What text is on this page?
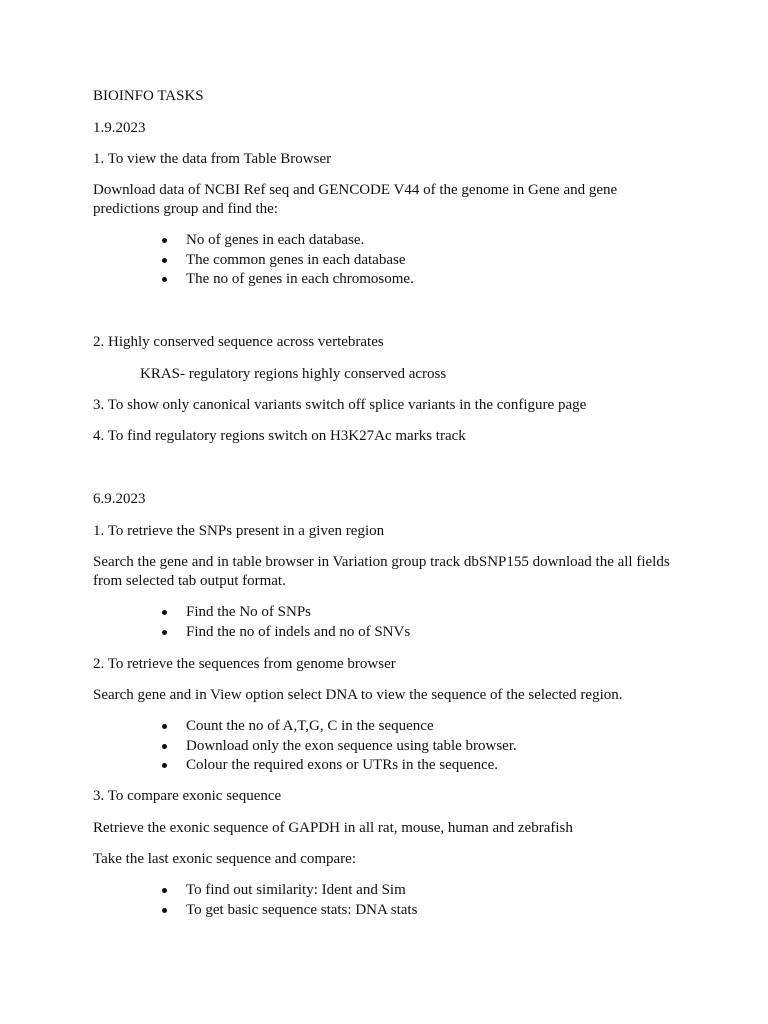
BIOINFO TASKS

1.9.2023

1. To view the data from Table Browser

Download data of NCBI Ref seq and GENCODE V44 of the genome in Gene and gene predictions group and find the:

No of genes in each database.
The common genes in each database
The no of genes in each chromosome.

2. Highly conserved sequence across vertebrates

KRAS- regulatory regions highly conserved across

3. To show only canonical variants switch off splice variants in the configure page

4. To find regulatory regions switch on H3K27Ac marks track

6.9.2023

1. To retrieve the SNPs present in a given region

Search the gene and in table browser in Variation group track dbSNP155 download the all fields from selected tab output format.

Find the No of SNPs
Find the no of indels and no of SNVs

2. To retrieve the sequences from genome browser

Search gene and in View option select DNA to view the sequence of the selected region.

Count the no of A,T,G, C in the sequence
Download only the exon sequence using table browser.
Colour the required exons or UTRs in the sequence.

3. To compare exonic sequence

Retrieve the exonic sequence of GAPDH in all rat, mouse, human and zebrafish

Take the last exonic sequence and compare:

To find out similarity: Ident and Sim
To get basic sequence stats: DNA stats
